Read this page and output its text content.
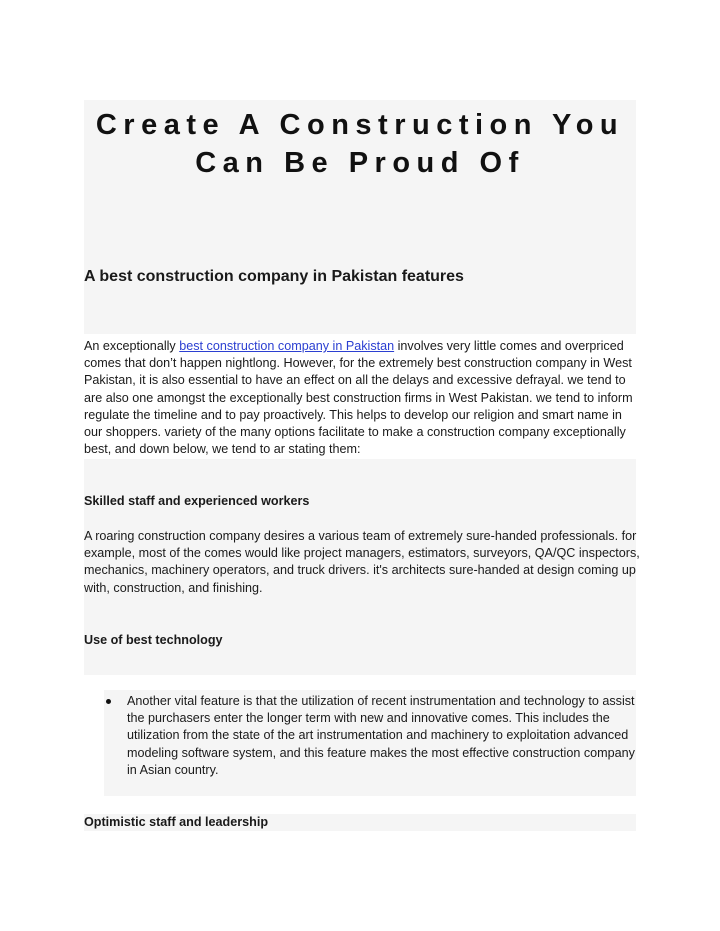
Create A Construction You Can Be Proud Of
A best construction company in Pakistan features
An exceptionally best construction company in Pakistan involves very little comes and overpriced comes that don’t happen nightlong. However, for the extremely best construction company in West Pakistan, it is also essential to have an effect on all the delays and excessive defrayal. we tend to are also one amongst the exceptionally best construction firms in West Pakistan. we tend to inform regulate the timeline and to pay proactively. This helps to develop our religion and smart name in our shoppers. variety of the many options facilitate to make a construction company exceptionally best, and down below, we tend to ar stating them:
Skilled staff and experienced workers
A roaring construction company desires a various team of extremely sure-handed professionals. for example, most of the comes would like project managers, estimators, surveyors, QA/QC inspectors, mechanics, machinery operators, and truck drivers. it's architects sure-handed at design coming up with, construction, and finishing.
Use of best technology
Another vital feature is that the utilization of recent instrumentation and technology to assist the purchasers enter the longer term with new and innovative comes. This includes the utilization from the state of the art instrumentation and machinery to exploitation advanced modeling software system, and this feature makes the most effective construction company in Asian country.
Optimistic staff and leadership
